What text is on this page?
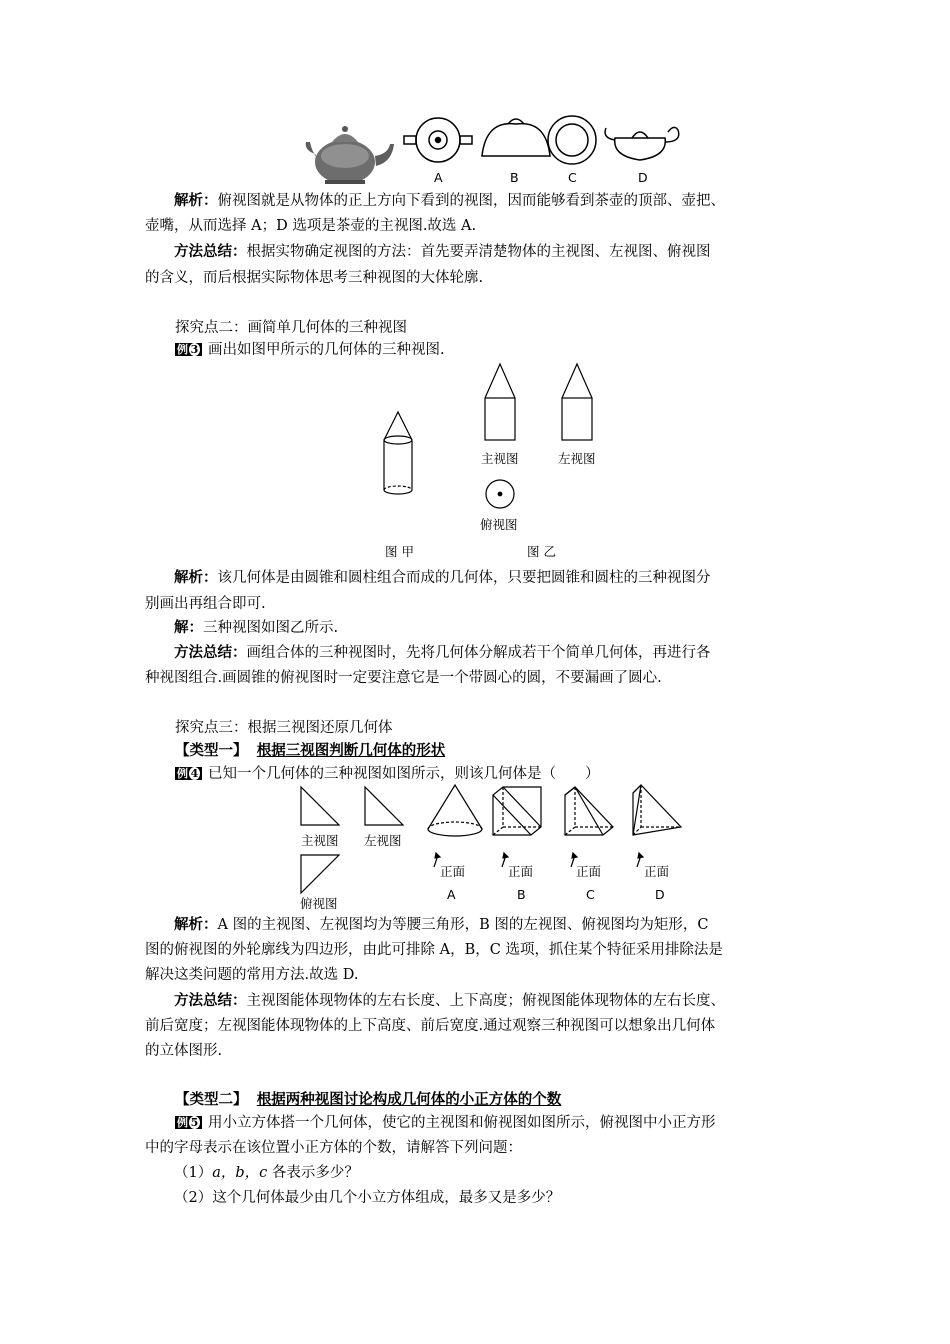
A	B	C	D
解析：俯视图就是从物体的正上方向下看到的视图，因而能够看到茶壶的顶部、壶把、
壶嘴，从而选择 A；D 选项是茶壶的主视图.故选 A.
方法总结：根据实物确定视图的方法：首先要弄清楚物体的主视图、左视图、俯视图
的含义，而后根据实际物体思考三种视图的大体轮廓.
探究点二：画简单几何体的三种视图
例 3 画出如图甲所示的几何体的三种视图.
主视图	左视图
俯视图
图 甲	图 乙
解析：该几何体是由圆锥和圆柱组合而成的几何体，只要把圆锥和圆柱的三种视图分
别画出再组合即可.
解：三种视图如图乙所示.
方法总结：画组合体的三种视图时，先将几何体分解成若干个简单几何体，再进行各
种视图组合.画圆锥的俯视图时一定要注意它是一个带圆心的圆，不要漏画了圆心.
探究点三：根据三视图还原几何体
【类型一】 根据三视图判断几何体的形状
例 4 已知一个几何体的三种视图如图所示，则该几何体是（　　）
主视图 左视图
俯视图
正面	正面	正面	正面
A	B	C	D
解析：A 图的主视图、左视图均为等腰三角形，B 图的左视图、俯视图均为矩形，C
图的俯视图的外轮廓线为四边形，由此可排除 A，B，C 选项，抓住某个特征采用排除法是
解决这类问题的常用方法.故选 D.
方法总结：主视图能体现物体的左右长度、上下高度；俯视图能体现物体的左右长度、
前后宽度；左视图能体现物体的上下高度、前后宽度.通过观察三种视图可以想象出几何体
的立体图形.
【类型二】 根据两种视图讨论构成几何体的小正方体的个数
例 5 用小立方体搭一个几何体，使它的主视图和俯视图如图所示，俯视图中小正方形
中的字母表示在该位置小正方体的个数，请解答下列问题：
（1）a，b，c 各表示多少？
（2）这个几何体最少由几个小立方体组成，最多又是多少？
